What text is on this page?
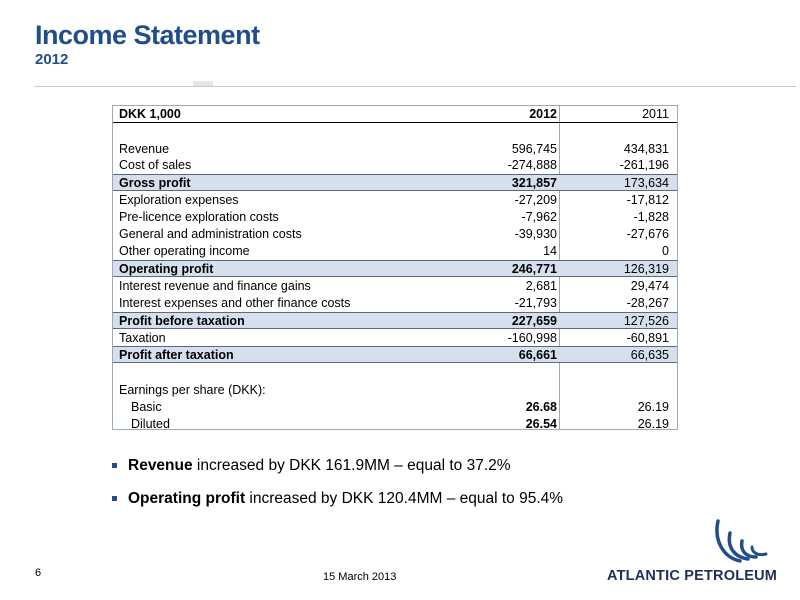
Income Statement
2012
DKK 1,000	2012	2011
Revenue	596,745	434,831
Cost of sales	-274,888	-261,196
Gross profit	321,857	173,634
Exploration expenses	-27,209	-17,812
Pre-licence exploration costs	-7,962	-1,828
General and administration costs	-39,930	-27,676
Other operating income	14	0
Operating profit	246,771	126,319
Interest revenue and finance gains	2,681	29,474
Interest expenses and other finance costs	-21,793	-28,267
Profit before taxation	227,659	127,526
Taxation	-160,998	-60,891
Profit after taxation	66,661	66,635
Earnings per share (DKK):
Basic	26.68	26.19
Diluted	26.54	26.19
Revenue increased by DKK 161.9MM – equal to 37.2%
Operating profit increased by DKK 120.4MM – equal to 95.4%
6	15 March 2013	ATLANTIC PETROLEUM
